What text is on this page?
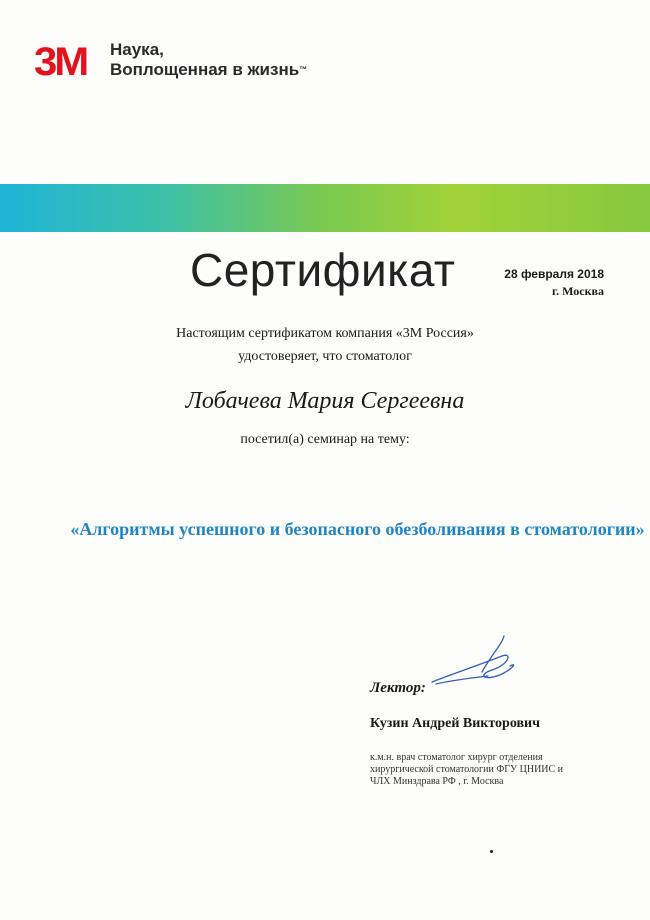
3M Наука,
Воплощенная в жизнь™
Сертификат	28 февраля 2018
г. Москва
Настоящим сертификатом компания «3М Россия»
удостоверяет, что стоматолог
Лобачева Мария Сергеевна
посетил(а) семинар на тему:
«Алгоритмы успешного и безопасного обезболивания в стоматологии»
Лектор:
Кузин Андрей Викторович
к.м.н. врач стоматолог хирург отделения
хирургической стоматологии ФГУ ЦНИИС и
ЧЛХ Минздрава РФ , г. Москва
